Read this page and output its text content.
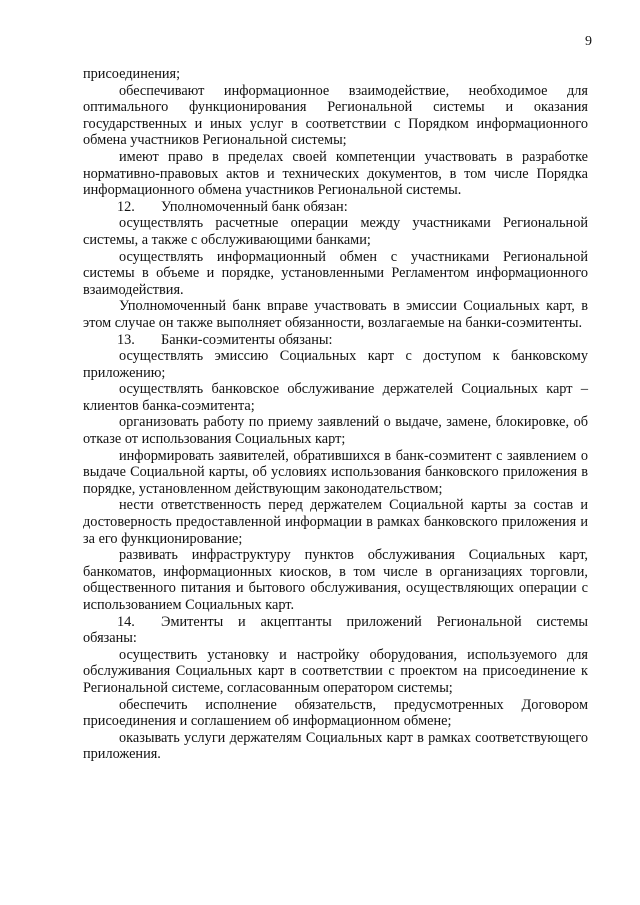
9

присоединения;

обеспечивают информационное взаимодействие, необходимое для оптимального функционирования Региональной системы и оказания государственных и иных услуг в соответствии с Порядком информационного обмена участников Региональной системы;

имеют право в пределах своей компетенции участвовать в разработке нормативно-правовых актов и технических документов, в том числе Порядка информационного обмена участников Региональной системы.

12. Уполномоченный банк обязан:

осуществлять расчетные операции между участниками Региональной системы, а также с обслуживающими банками;

осуществлять информационный обмен с участниками Региональной системы в объеме и порядке, установленными Регламентом информационного взаимодействия.

Уполномоченный банк вправе участвовать в эмиссии Социальных карт, в этом случае он также выполняет обязанности, возлагаемые на банки-соэмитенты.

13. Банки-соэмитенты обязаны:

осуществлять эмиссию Социальных карт с доступом к банковскому приложению;

осуществлять банковское обслуживание держателей Социальных карт – клиентов банка-соэмитента;

организовать работу по приему заявлений о выдаче, замене, блокировке, об отказе от использования Социальных карт;

информировать заявителей, обратившихся в банк-соэмитент с заявлением о выдаче Социальной карты, об условиях использования банковского приложения в порядке, установленном действующим законодательством;

нести ответственность перед держателем Социальной карты за состав и достоверность предоставленной информации в рамках банковского приложения и за его функционирование;

развивать инфраструктуру пунктов обслуживания Социальных карт, банкоматов, информационных киосков, в том числе в организациях торговли, общественного питания и бытового обслуживания, осуществляющих операции с использованием Социальных карт.

14. Эмитенты и акцептанты приложений Региональной системы обязаны:

осуществить установку и настройку оборудования, используемого для обслуживания Социальных карт в соответствии с проектом на присоединение к Региональной системе, согласованным оператором системы;

обеспечить исполнение обязательств, предусмотренных Договором присоединения и соглашением об информационном обмене;

оказывать услуги держателям Социальных карт в рамках соответствующего приложения.
